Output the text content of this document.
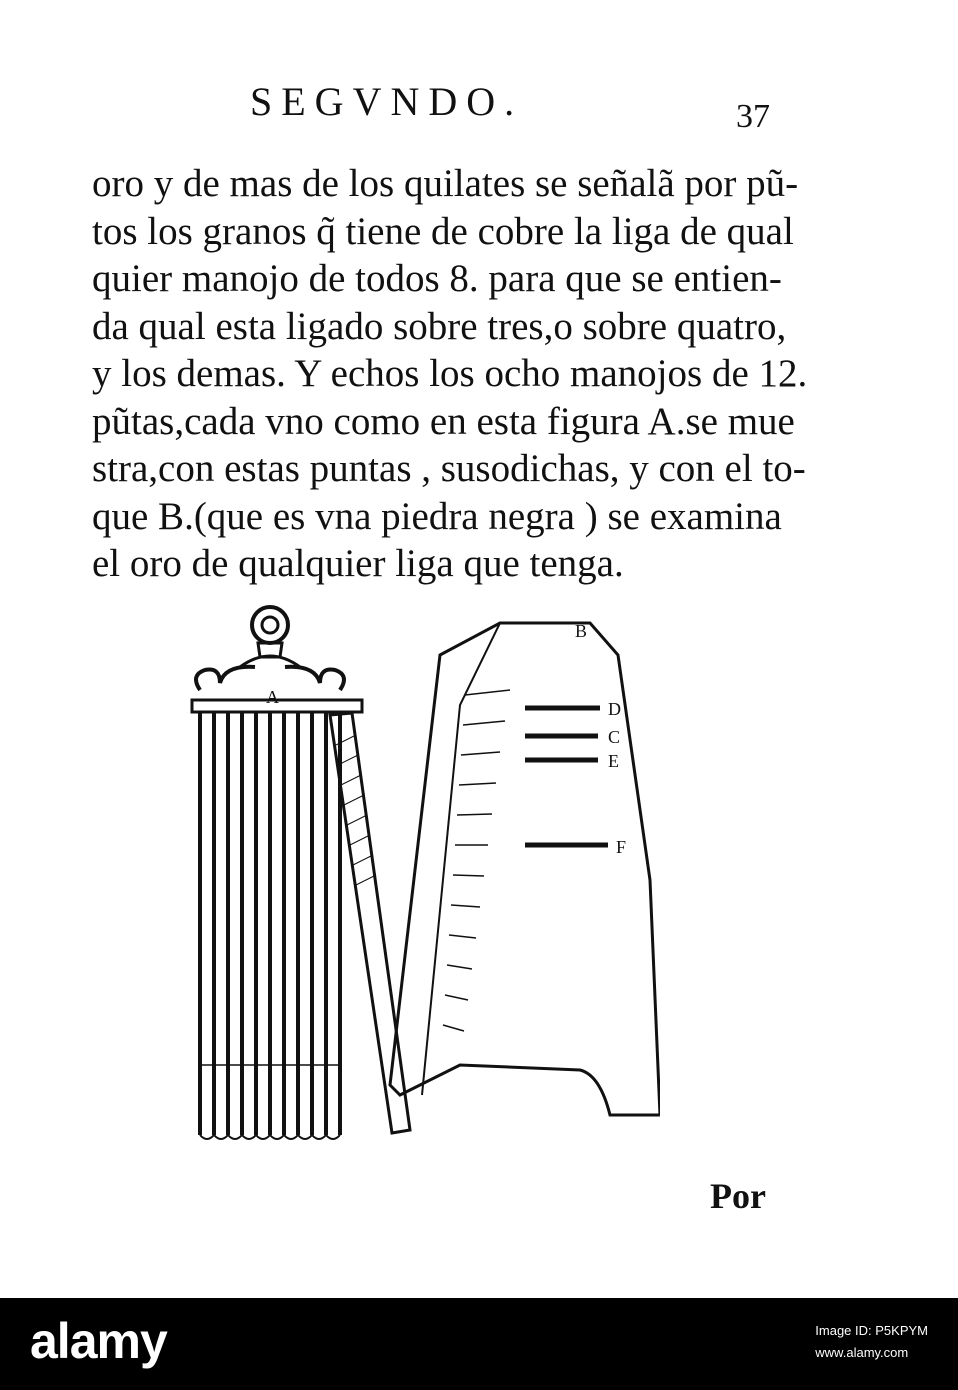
SEGVNDO.	37
oro y de mas de los quilates se señalã por pũ-
tos los granos q̃ tiene de cobre la liga de qual
quier manojo de todos 8. para que se entien-
da qual esta ligado sobre tres,o sobre quatro,
y los demas. Y echos los ocho manojos de 12.
pũtas,cada vno como en esta figura A.se mue
stra,con estas puntas , susodichas, y con el to-
que B.(que es vna piedra negra ) se examina
el oro de qualquier liga que tenga.
A
B
D
C
E
F
Por
alamy	Image ID: P5KPYM
www.alamy.com
